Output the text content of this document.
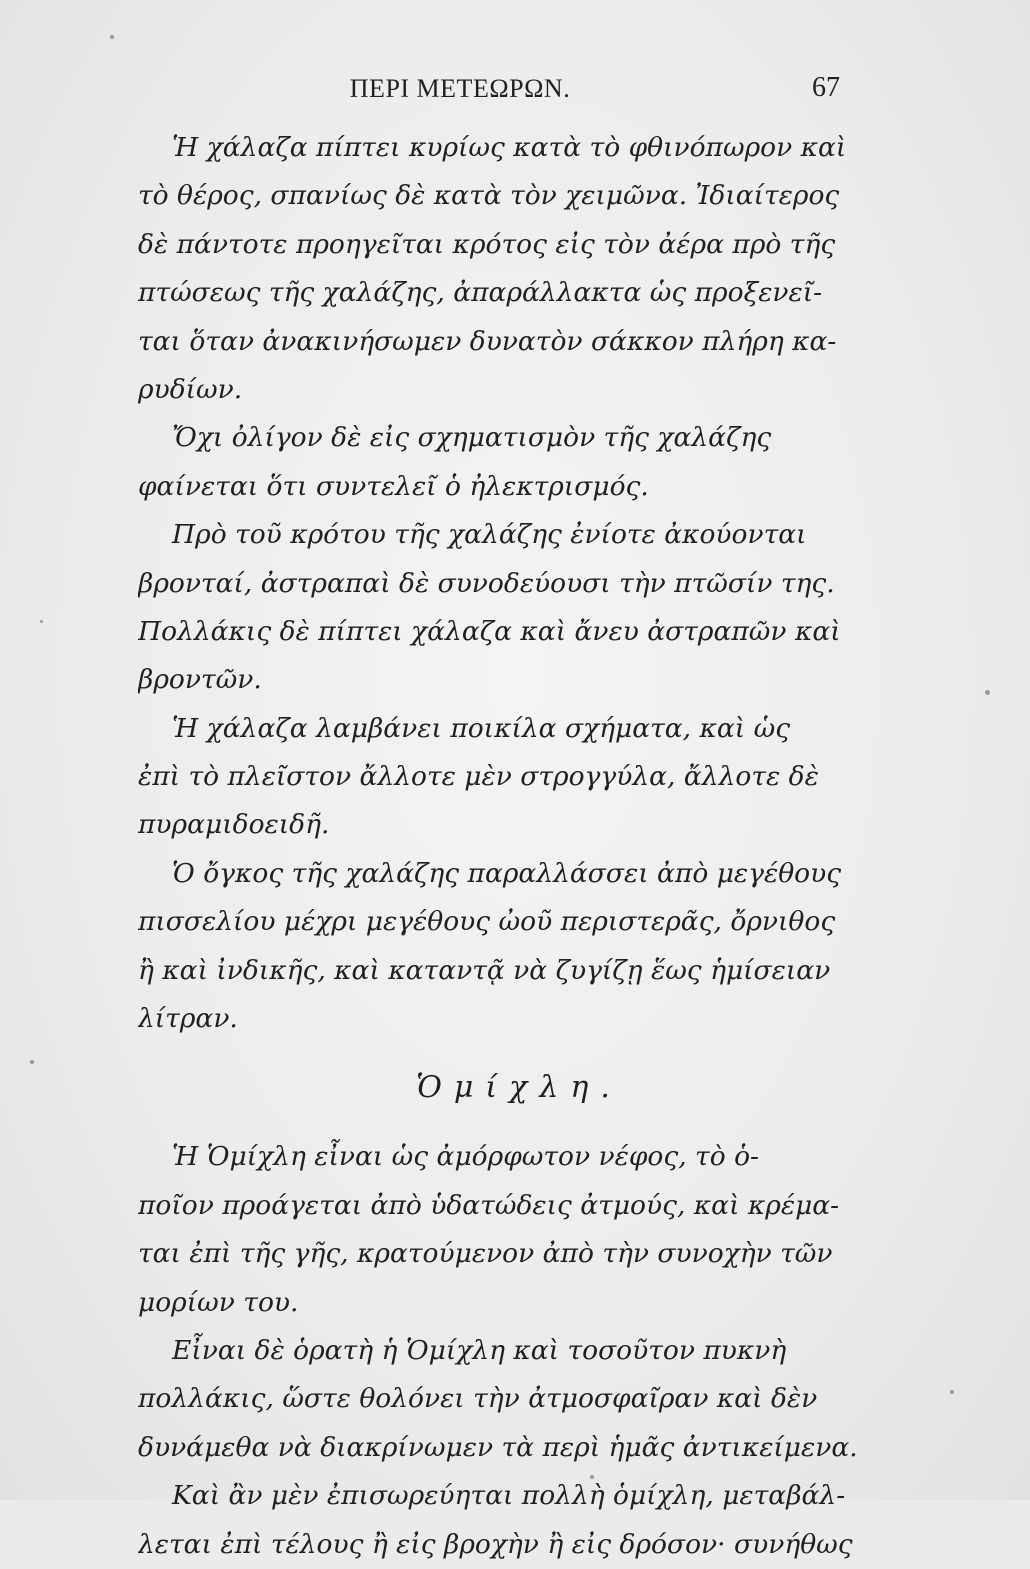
ΠΕΡΙ ΜΕΤΕΩΡΩΝ.	67
Ἡ χάλαζα πίπτει κυρίως κατὰ τὸ φθινόπωρον καὶ
τὸ θέρος, σπανίως δὲ κατὰ τὸν χειμῶνα. Ἰδιαίτερος
δὲ πάντοτε προηγεῖται κρότος εἰς τὸν ἀέρα πρὸ τῆς
πτώσεως τῆς χαλάζης, ἀπαράλλακτα ὡς προξενεῖ-
ται ὅταν ἀνακινήσωμεν δυνατὸν σάκκον πλήρη κα-
ρυδίων.
Ὄχι ὀλίγον δὲ εἰς σχηματισμὸν τῆς χαλάζης
φαίνεται ὅτι συντελεῖ ὁ ἠλεκτρισμός.
Πρὸ τοῦ κρότου τῆς χαλάζης ἐνίοτε ἀκούονται
βρονταί, ἀστραπαὶ δὲ συνοδεύουσι τὴν πτῶσίν της.
Πολλάκις δὲ πίπτει χάλαζα καὶ ἄνευ ἀστραπῶν καὶ
βροντῶν.
Ἡ χάλαζα λαμβάνει ποικίλα σχήματα, καὶ ὡς
ἐπὶ τὸ πλεῖστον ἄλλοτε μὲν στρογγύλα, ἄλλοτε δὲ
πυραμιδοειδῆ.
Ὁ ὄγκος τῆς χαλάζης παραλλάσσει ἀπὸ μεγέθους
πισσελίου μέχρι μεγέθους ὠοῦ περιστερᾶς, ὄρνιθος
ἢ καὶ ἰνδικῆς, καὶ καταντᾷ νὰ ζυγίζῃ ἕως ἡμίσειαν
λίτραν.
Ὁμίχλη.
Ἡ Ὁμίχλη εἶναι ὡς ἀμόρφωτον νέφος, τὸ ὁ-
ποῖον προάγεται ἀπὸ ὑδατώδεις ἀτμούς, καὶ κρέμα-
ται ἐπὶ τῆς γῆς, κρατούμενον ἀπὸ τὴν συνοχὴν τῶν
μορίων του.
Εἶναι δὲ ὁρατὴ ἡ Ὁμίχλη καὶ τοσοῦτον πυκνὴ
πολλάκις, ὥστε θολόνει τὴν ἀτμοσφαῖραν καὶ δὲν
δυνάμεθα νὰ διακρίνωμεν τὰ περὶ ἡμᾶς ἀντικείμενα.
Καὶ ἂν μὲν ἐπισωρεύηται πολλὴ ὁμίχλη, μεταβάλ-
λεται ἐπὶ τέλους ἢ εἰς βροχὴν ἢ εἰς δρόσον· συνήθως
